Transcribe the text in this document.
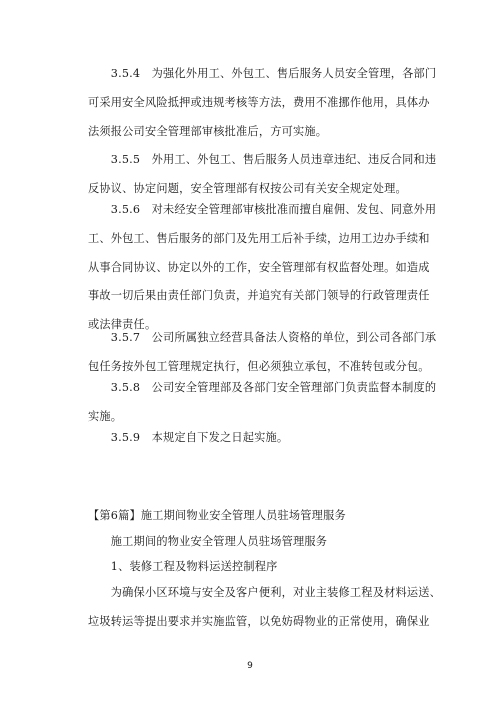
　　3.5.4　为强化外用工、外包工、售后服务人员安全管理，各部门
可采用安全风险抵押或违规考核等方法，费用不准挪作他用，具体办
法须报公司安全管理部审核批准后，方可实施。
　　3.5.5　外用工、外包工、售后服务人员违章违纪、违反合同和违
反协议、协定问题，安全管理部有权按公司有关安全规定处理。
　　3.5.6　对未经安全管理部审核批准而擅自雇佣、发包、同意外用
工、外包工、售后服务的部门及先用工后补手续，边用工边办手续和
从事合同协议、协定以外的工作，安全管理部有权监督处理。如造成
事故一切后果由责任部门负责，并追究有关部门领导的行政管理责任
或法律责任。
　　3.5.7　公司所属独立经营具备法人资格的单位，到公司各部门承
包任务按外包工管理规定执行，但必须独立承包，不准转包或分包。
　　3.5.8　公司安全管理部及各部门安全管理部门负责监督本制度的
实施。
　　3.5.9　本规定自下发之日起实施。
【第6篇】施工期间物业安全管理人员驻场管理服务
　　施工期间的物业安全管理人员驻场管理服务
　　1、装修工程及物料运送控制程序
　　为确保小区环境与安全及客户便利，对业主装修工程及材料运送、
垃圾转运等提出要求并实施监管，以免妨碍物业的正常使用，确保业
9
